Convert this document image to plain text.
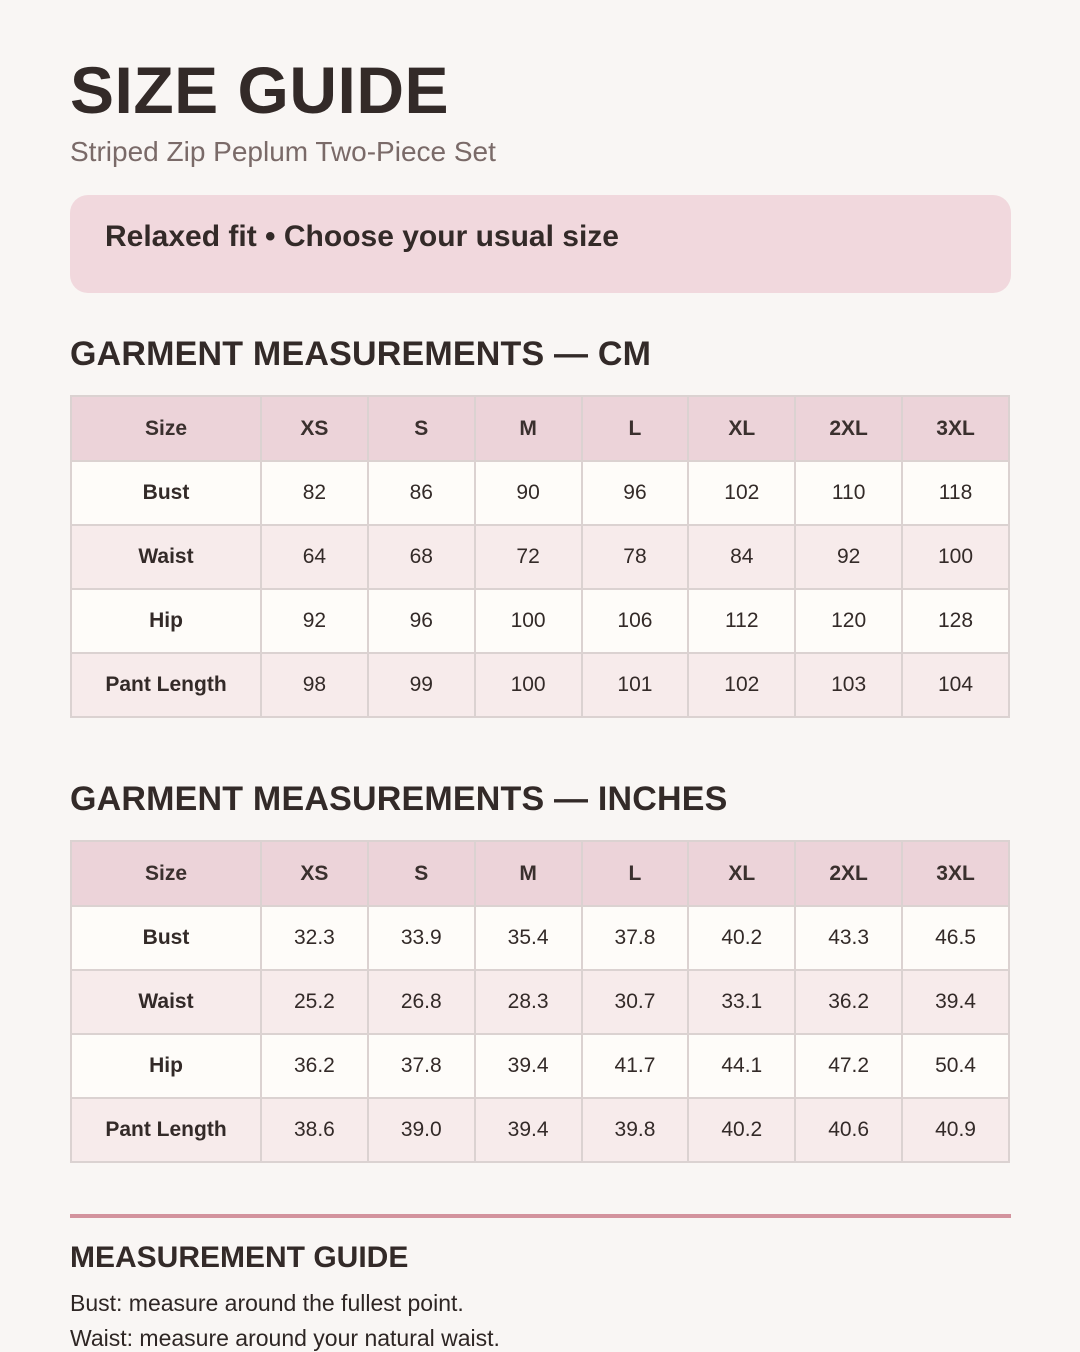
SIZE GUIDE
Striped Zip Peplum Two-Piece Set
Relaxed fit • Choose your usual size
GARMENT MEASUREMENTS — CM
Size	XS	S	M	L	XL	2XL	3XL
Bust	82	86	90	96	102	110	118
Waist	64	68	72	78	84	92	100
Hip	92	96	100	106	112	120	128
Pant Length	98	99	100	101	102	103	104
GARMENT MEASUREMENTS — INCHES
Size	XS	S	M	L	XL	2XL	3XL
Bust	32.3	33.9	35.4	37.8	40.2	43.3	46.5
Waist	25.2	26.8	28.3	30.7	33.1	36.2	39.4
Hip	36.2	37.8	39.4	41.7	44.1	47.2	50.4
Pant Length	38.6	39.0	39.4	39.8	40.2	40.6	40.9
MEASUREMENT GUIDE
Bust: measure around the fullest point.
Waist: measure around your natural waist.
